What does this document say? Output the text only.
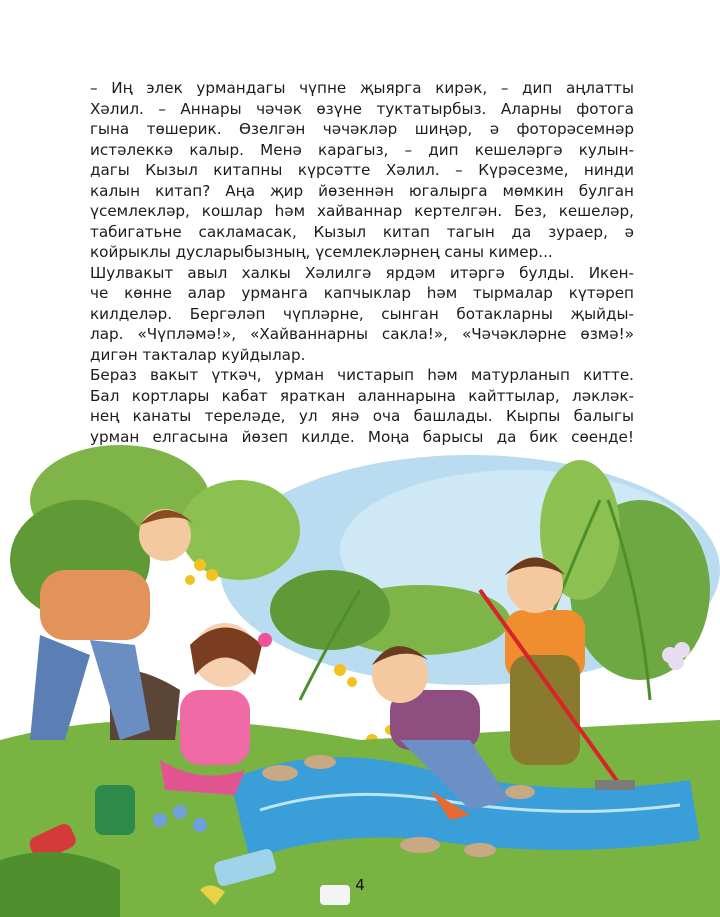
– Иң элек урмандагы чүпне җыярга кирәк, – дип аңлатты
Хәлил. – Аннары чәчәк өзүне туктатырбыз. Аларны фотога
гына төшерик. Өзелгән чәчәкләр шиңәр, ә фоторәсемнәр
истәлеккә калыр. Менә карагыз, – дип кешеләргә кулын-
дагы Кызыл китапны күрсәтте Хәлил. – Күрәсезме, нинди
калын китап? Аңа җир йөзеннән югалырга мөмкин булган
үсемлекләр, кошлар һәм хайваннар кертелгән. Без, кешеләр,
табигатьне сакламасак, Кызыл китап тагын да зураер, ә
койрыклы дусларыбызның, үсемлекләрнең саны кимер...

Шулвакыт авыл халкы Хәлилгә ярдәм итәргә булды. Икен-
че көнне алар урманга капчыклар һәм тырмалар күтәреп
килделәр. Бергәләп чүпләрне, сынган ботакларны җыйды-
лар. «Чүпләмә!», «Хайваннарны сакла!», «Чәчәкләрне өзмә!»
дигән такталар куйдылар.

Бераз вакыт үткәч, урман чистарып һәм матурланып китте.
Бал кортлары кабат яраткан аланнарына кайттылар, ләкләк-
нең канаты тереләде, ул янә оча башлады. Кырпы балыгы
урман елгасына йөзеп килде. Моңа барысы да бик сөенде!

4
